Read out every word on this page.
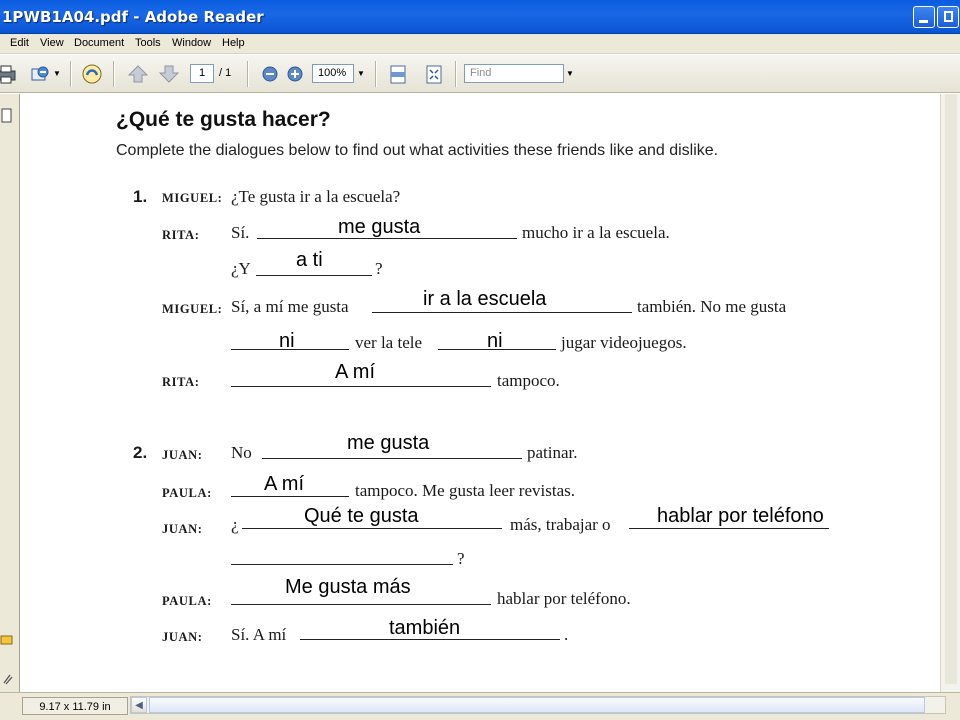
1PWB1A04.pdf - Adobe Reader
Edit View Document Tools Window Help
▼	1	/ 1	100%	▼	Find	▼
¿Qué te gusta hacer?
Complete the dialogues below to find out what activities these friends like and dislike.
1. MIGUEL: ¿Te gusta ir a la escuela?
RITA: Sí.	mucho ir a la escuela.
¿Y	?
MIGUEL: Sí, a mí me gusta	también. No me gusta
ver la tele	jugar videojuegos.
RITA:	tampoco.
2. JUAN: No	patinar.
PAULA:	tampoco. Me gusta leer revistas.
JUAN: ¿	más, trabajar o
?
PAULA:	hablar por teléfono.
JUAN: Sí. A mí	.
me gusta
a ti
ir a la escuela
ni	ni
A mí
me gusta
A mí
Qué te gusta	hablar por teléfono
Me gusta más
también
9.17 x 11.79 in	◀
